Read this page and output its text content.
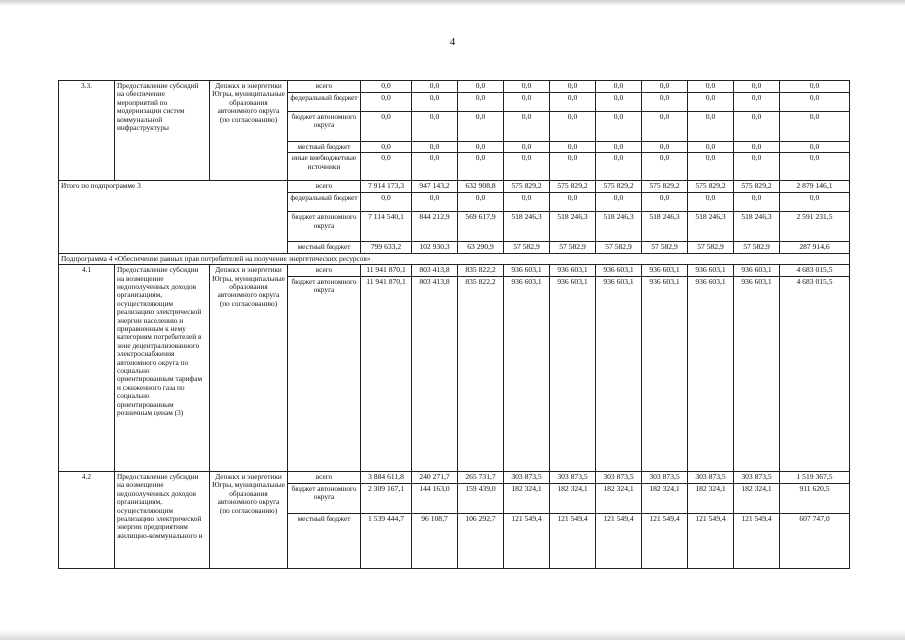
4
3.3.	Предоставление субсидий на обеспечение мероприятий по модернизации систем коммунальной инфраструктуры	Депжкх и энергетики Югры, муниципальные образования автономного округа (по согласованию)	всего	0,0	0,0	0,0	0,0	0,0	0,0	0,0	0,0	0,0	0,0
			федеральный бюджет	0,0	0,0	0,0	0,0	0,0	0,0	0,0	0,0	0,0	0,0
			бюджет автономного округа	0,0	0,0	0,0	0,0	0,0	0,0	0,0	0,0	0,0	0,0
			местный бюджет	0,0	0,0	0,0	0,0	0,0	0,0	0,0	0,0	0,0	0,0
			иные внебюджетные источники	0,0	0,0	0,0	0,0	0,0	0,0	0,0	0,0	0,0	0,0
Итого по подпрограмме 3			всего	7 914 173,3	947 143,2	632 908,8	575 829,2	575 829,2	575 829,2	575 829,2	575 829,2	575 829,2	2 879 146,1
			федеральный бюджет	0,0	0,0	0,0	0,0	0,0	0,0	0,0	0,0	0,0	0,0
			бюджет автономного округа	7 114 540,1	844 212,9	569 617,9	518 246,3	518 246,3	518 246,3	518 246,3	518 246,3	518 246,3	2 591 231,5
			местный бюджет	799 633,2	102 930,3	63 290,9	57 582,9	57 582,9	57 582,9	57 582,9	57 582,9	57 582,9	287 914,6
Подпрограмма 4 «Обеспечение равных прав потребителей на получение энергетических ресурсов»													
4.1	Предоставление субсидии на возмещение недополученных доходов организациям, осуществляющим реализацию электрической энергии населению и приравненным к нему категориям потребителей в зоне децентрализованного электроснабжения автономного округа по социально ориентированным тарифам и сжиженного газа по социально ориентированным розничным ценам (3)	Депжкх и энергетики Югры, муниципальные образования автономного округа (по согласованию)	всего	11 941 870,1	803 413,8	835 822,2	936 603,1	936 603,1	936 603,1	936 603,1	936 603,1	936 603,1	4 683 015,5
			бюджет автономного округа	11 941 870,1	803 413,8	835 822,2	936 603,1	936 603,1	936 603,1	936 603,1	936 603,1	936 603,1	4 683 015,5
4.2	Предоставление субсидии на возмещение недополученных доходов организациям, осуществляющим реализацию электрической энергии предприятиям жилищно-коммунального и	Депжкх и энергетики Югры, муниципальные образования автономного округа (по согласованию)	всего	3 884 611,8	240 271,7	265 731,7	303 873,5	303 873,5	303 873,5	303 873,5	303 873,5	303 873,5	1 519 367,5
			бюджет автономного округа	2 309 167,1	144 163,0	159 439,0	182 324,1	182 324,1	182 324,1	182 324,1	182 324,1	182 324,1	911 620,5
			местный бюджет	1 539 444,7	96 108,7	106 292,7	121 549,4	121 549,4	121 549,4	121 549,4	121 549,4	121 549,4	607 747,0
